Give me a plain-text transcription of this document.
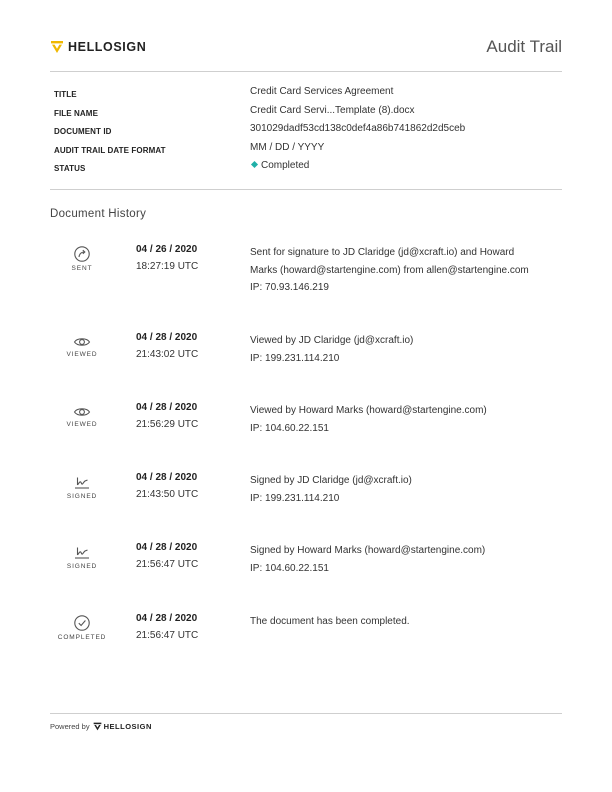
HELLOSIGN	Audit Trail
TITLE	Credit Card Services Agreement
FILE NAME	Credit Card Servi...Template (8).docx
DOCUMENT ID	301029dadf53cd138c0def4a86b741862d2d5ceb
AUDIT TRAIL DATE FORMAT	MM / DD / YYYY
STATUS	Completed
Document History
SENT
04 / 26 / 2020
18:27:19 UTC
Sent for signature to JD Claridge (jd@xcraft.io) and Howard
Marks (howard@startengine.com) from allen@startengine.com
IP: 70.93.146.219
VIEWED
04 / 28 / 2020
21:43:02 UTC
Viewed by JD Claridge (jd@xcraft.io)
IP: 199.231.114.210
VIEWED
04 / 28 / 2020
21:56:29 UTC
Viewed by Howard Marks (howard@startengine.com)
IP: 104.60.22.151
SIGNED
04 / 28 / 2020
21:43:50 UTC
Signed by JD Claridge (jd@xcraft.io)
IP: 199.231.114.210
SIGNED
04 / 28 / 2020
21:56:47 UTC
Signed by Howard Marks (howard@startengine.com)
IP: 104.60.22.151
COMPLETED
04 / 28 / 2020
21:56:47 UTC
The document has been completed.
Powered by HELLOSIGN
